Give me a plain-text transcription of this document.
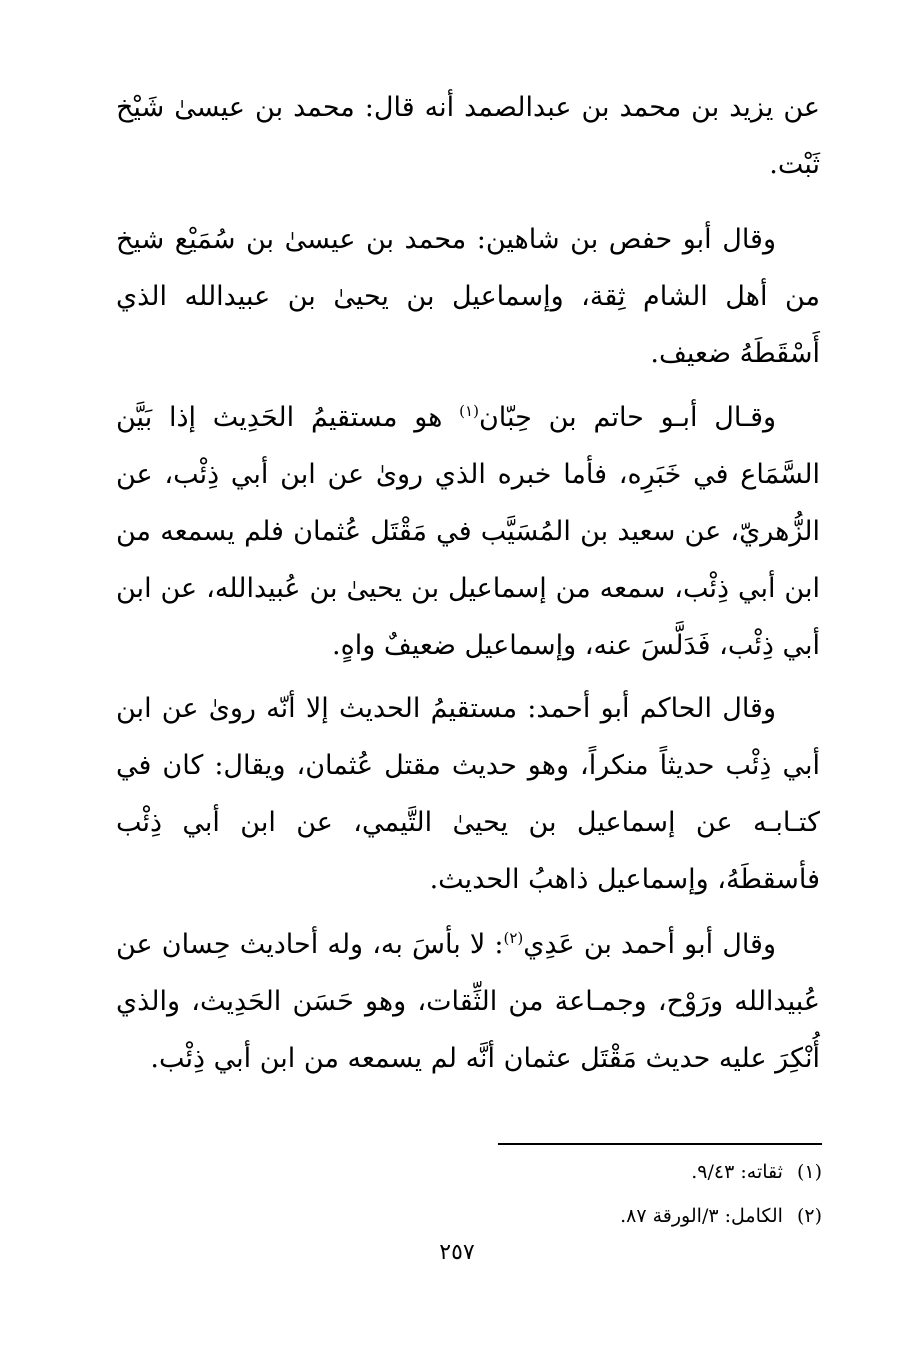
عن يزيد بن محمد بن عبدالصمد أنه قال: محمد بن عيسىٰ شَيْخ ثَبْت.

وقال أبو حفص بن شاهين: محمد بن عيسىٰ بن سُمَيْع شيخ من أهل الشام ثِقة، وإسماعيل بن يحيىٰ بن عبيدالله الذي أَسْقَطَهُ ضعيف.

وقـال أبـو حاتم بن حِبّان$^{(١)}$ هو مستقيمُ الحَدِيث إذا بَيَّن السَّمَاع في خَبَرِه، فأما خبره الذي روىٰ عن ابن أبي ذِئْب، عن الزُّهريّ، عن سعيد بن المُسَيَّب في مَقْتَل عُثمان فلم يسمعه من ابن أبي ذِئْب، سمعه من إسماعيل بن يحيىٰ بن عُبيدالله، عن ابن أبي ذِئْب، فَدَلَّسَ عنه، وإسماعيل ضعيفٌ واهٍ.

وقال الحاكم أبو أحمد: مستقيمُ الحديث إلا أنّه روىٰ عن ابن أبي ذِئْب حديثاً منكراً، وهو حديث مقتل عُثمان، ويقال: كان في كتـابـه عن إسماعيل بن يحيىٰ التَّيمي، عن ابن أبي ذِئْب فأسقطَهُ، وإسماعيل ذاهبُ الحديث.

وقال أبو أحمد بن عَدِي$^{(٢)}$: لا بأسَ به، وله أحاديث حِسان عن عُبيدالله ورَوْح، وجمـاعة من الثِّقات، وهو حَسَن الحَدِيث، والذي أُنْكِرَ عليه حديث مَقْتَل عثمان أنَّه لم يسمعه من ابن أبي ذِئْب.

(١)ثقاته: ٩/٤٣.
(٢)الكامل: ٣/الورقة ٨٧.
٢٥٧
